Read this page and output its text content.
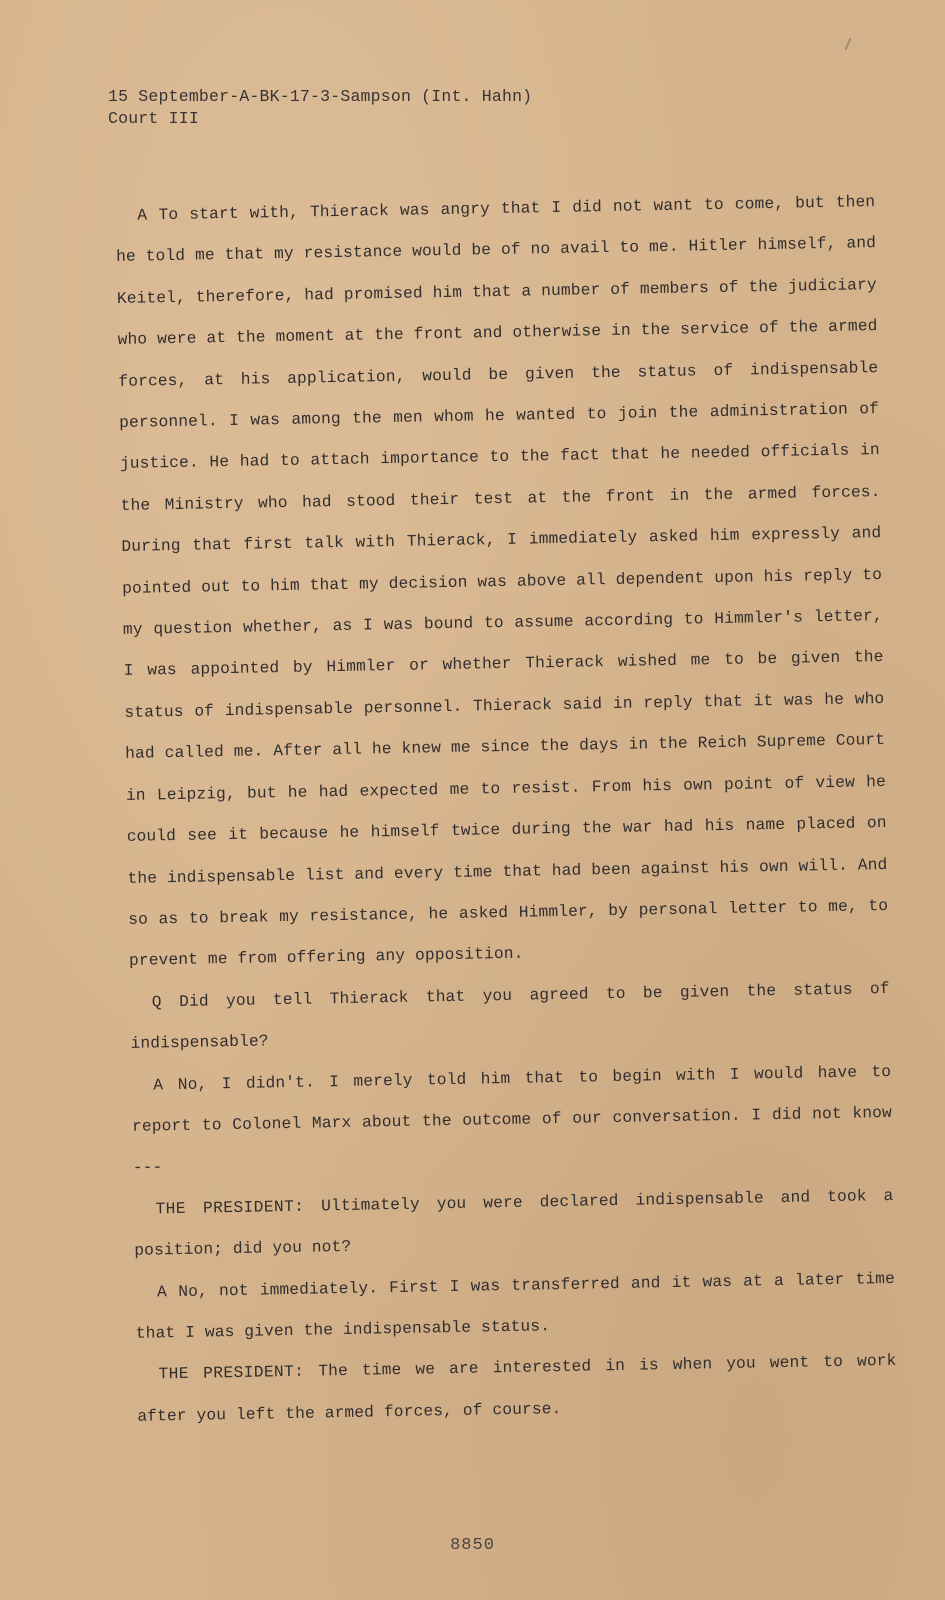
15 September-A-BK-17-3-Sampson (Int. Hahn)
Court III

A To start with, Thierack was angry that I did not want to come, but then he told me that my resistance would be of no avail to me. Hitler himself, and Keitel, therefore, had promised him that a number of members of the judiciary who were at the moment at the front and otherwise in the service of the armed forces, at his application, would be given the status of indispensable personnel. I was among the men whom he wanted to join the administration of justice. He had to attach importance to the fact that he needed officials in the Ministry who had stood their test at the front in the armed forces. During that first talk with Thierack, I immediately asked him expressly and pointed out to him that my decision was above all dependent upon his reply to my question whether, as I was bound to assume according to Himmler's letter, I was appointed by Himmler or whether Thierack wished me to be given the status of indispensable personnel. Thierack said in reply that it was he who had called me. After all he knew me since the days in the Reich Supreme Court in Leipzig, but he had expected me to resist. From his own point of view he could see it because he himself twice during the war had his name placed on the indispensable list and every time that had been against his own will. And so as to break my resistance, he asked Himmler, by personal letter to me, to prevent me from offering any opposition.

Q Did you tell Thierack that you agreed to be given the status of indispensable?

A No, I didn't. I merely told him that to begin with I would have to report to Colonel Marx about the outcome of our conversation. I did not know ---

THE PRESIDENT: Ultimately you were declared indispensable and took a position; did you not?

A No, not immediately. First I was transferred and it was at a later time that I was given the indispensable status.

THE PRESIDENT: The time we are interested in is when you went to work after you left the armed forces, of course.

8850
